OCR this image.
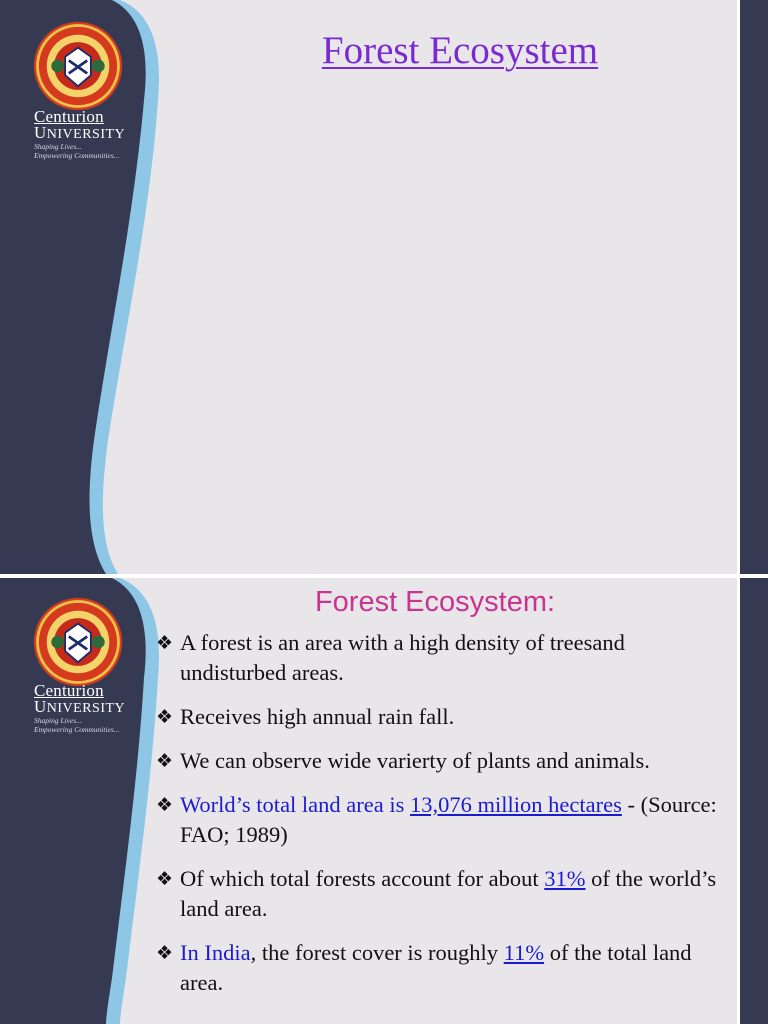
Centurion
UNIVERSITY
Shaping Lives...
Empowering Communities...
Forest Ecosystem
Centurion
UNIVERSITY
Shaping Lives...
Empowering Communities...
Forest Ecosystem:
❖ A forest is an area with a high density of treesand undisturbed areas.
❖ Receives high annual rain fall.
❖ We can observe wide varierty of plants and animals.
❖ World’s total land area is 13,076 million hectares - (Source: FAO; 1989)
❖ Of which total forests account for about 31% of the world’s land area.
❖ In India, the forest cover is roughly 11% of the total land area.
